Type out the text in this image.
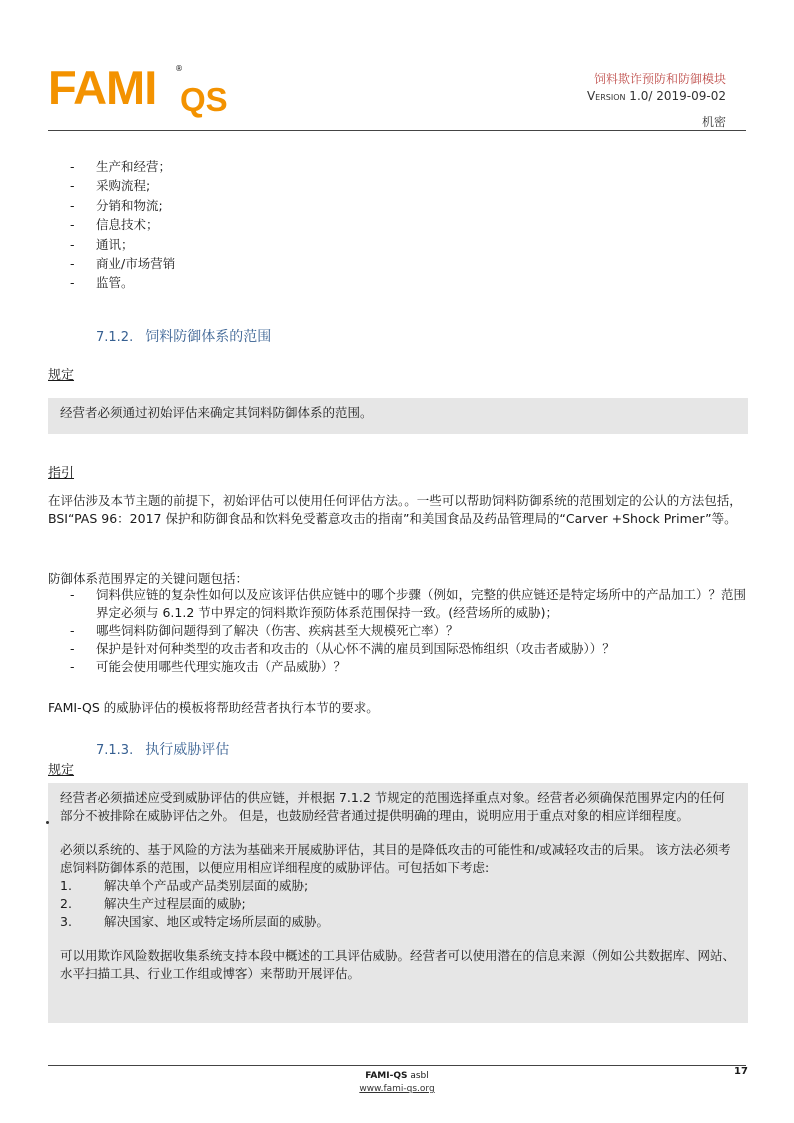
FAMI ®
QS
饲料欺诈预防和防御模块
Version 1.0/ 2019-09-02
机密
- 生产和经营；
- 采购流程;
- 分销和物流;
- 信息技术；
- 通讯；
- 商业/市场营销
- 监管。
7.1.2. 饲料防御体系的范围
规定

经营者必须通过初始评估来确定其饲料防御体系的范围。

指引

在评估涉及本节主题的前提下，初始评估可以使用任何评估方法。。一些可以帮助饲料防御系统的范围划定的公认的方法包括，BSI“PAS 96：2017 保护和防御食品和饮料免受蓄意攻击的指南”和美国食品及药品管理局的“Carver +Shock Primer”等。

防御体系范围界定的关键问题包括：

- 饲料供应链的复杂性如何以及应该评估供应链中的哪个步骤（例如，完整的供应链还是特定场所中的产品加工）？范围界定必须与 6.1.2 节中界定的饲料欺诈预防体系范围保持一致。(经营场所的威胁)；
- 哪些饲料防御问题得到了解决（伤害、疾病甚至大规模死亡率）？
- 保护是针对何种类型的攻击者和攻击的（从心怀不满的雇员到国际恐怖组织（攻击者威胁））？
- 可能会使用哪些代理实施攻击（产品威胁）？

FAMI-QS 的威胁评估的模板将帮助经营者执行本节的要求。

7.1.3. 执行威胁评估
规定

经营者必须描述应受到威胁评估的供应链，并根据 7.1.2 节规定的范围选择重点对象。经营者必须确保范围界定内的任何部分不被排除在威胁评估之外。 但是，也鼓励经营者通过提供明确的理由，说明应用于重点对象的相应详细程度。

必须以系统的、基于风险的方法为基础来开展威胁评估，其目的是降低攻击的可能性和/或减轻攻击的后果。 该方法必须考虑饲料防御体系的范围，以便应用相应详细程度的威胁评估。可包括如下考虑:

1.	解决单个产品或产品类别层面的威胁;
2.	解决生产过程层面的威胁;
3.	解决国家、地区或特定场所层面的威胁。

可以用欺诈风险数据收集系统支持本段中概述的工具评估威胁。经营者可以使用潜在的信息来源（例如公共数据库、网站、水平扫描工具、行业工作组或博客）来帮助开展评估。

17
FAMI-QS asbl
www.fami-qs.org
